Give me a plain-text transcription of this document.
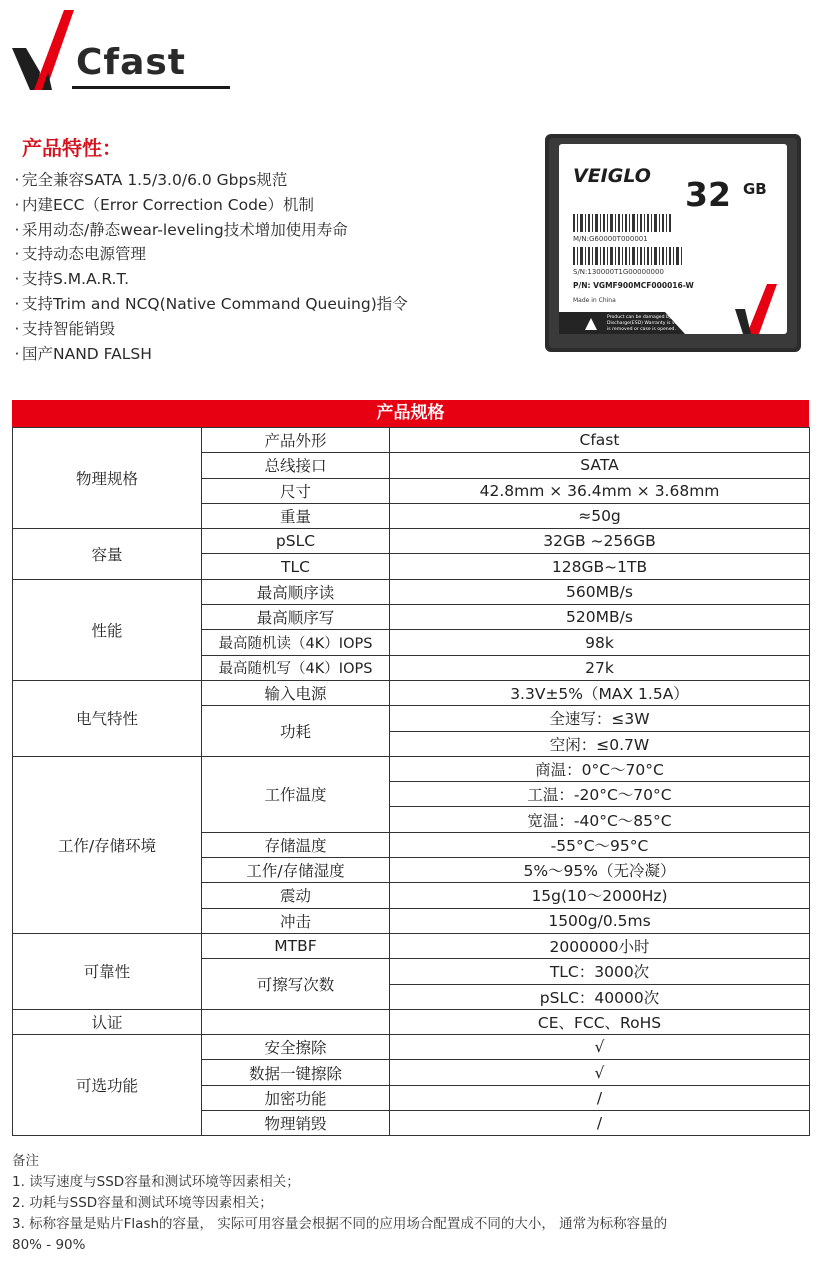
Cfast
产品特性：
· 完全兼容SATA 1.5/3.0/6.0 Gbps规范
· 内建ECC（Error Correction Code）机制
· 采用动态/静态wear-leveling技术增加使用寿命
· 支持动态电源管理
· 支持S.M.A.R.T.
· 支持Trim and NCQ(Native Command Queuing)指令
· 支持智能销毁
· 国产NAND FALSH
VEIGLO 32 GB
M/N:G60000T000001
S/N:130000T1G00000000
P/N: VGMF900MCF000016-W
Made in China
Product can be damaged by Electrostatic
Discharge(ESD) Warranty is void if label
is removed or case is opened.
产品规格
物理规格	产品外形	Cfast
	总线接口	SATA
	尺寸	42.8mm × 36.4mm × 3.68mm
	重量	≈50g
容量	pSLC	32GB ~256GB
	TLC	128GB~1TB
性能	最高顺序读	560MB/s
	最高顺序写	520MB/s
	最高随机读（4K）IOPS	98k
	最高随机写（4K）IOPS	27k
电气特性	输入电源	3.3V±5%（MAX 1.5A）
	功耗	全速写：≤3W
		空闲：≤0.7W
工作/存储环境	工作温度	商温：0°C～70°C
		工温：-20°C～70°C
		宽温：-40°C～85°C
	存储温度	-55°C～95°C
	工作/存储湿度	5%～95%（无冷凝）
	震动	15g(10～2000Hz)
	冲击	1500g/0.5ms
可靠性	MTBF	2000000小时
	可擦写次数	TLC：3000次
		pSLC：40000次
认证		CE、FCC、RoHS
可选功能	安全擦除	√
	数据一键擦除	√
	加密功能	/
	物理销毁	/
备注
1. 读写速度与SSD容量和测试环境等因素相关；
2. 功耗与SSD容量和测试环境等因素相关；
3. 标称容量是贴片Flash的容量， 实际可用容量会根据不同的应用场合配置成不同的大小， 通常为标称容量的
80% - 90%
